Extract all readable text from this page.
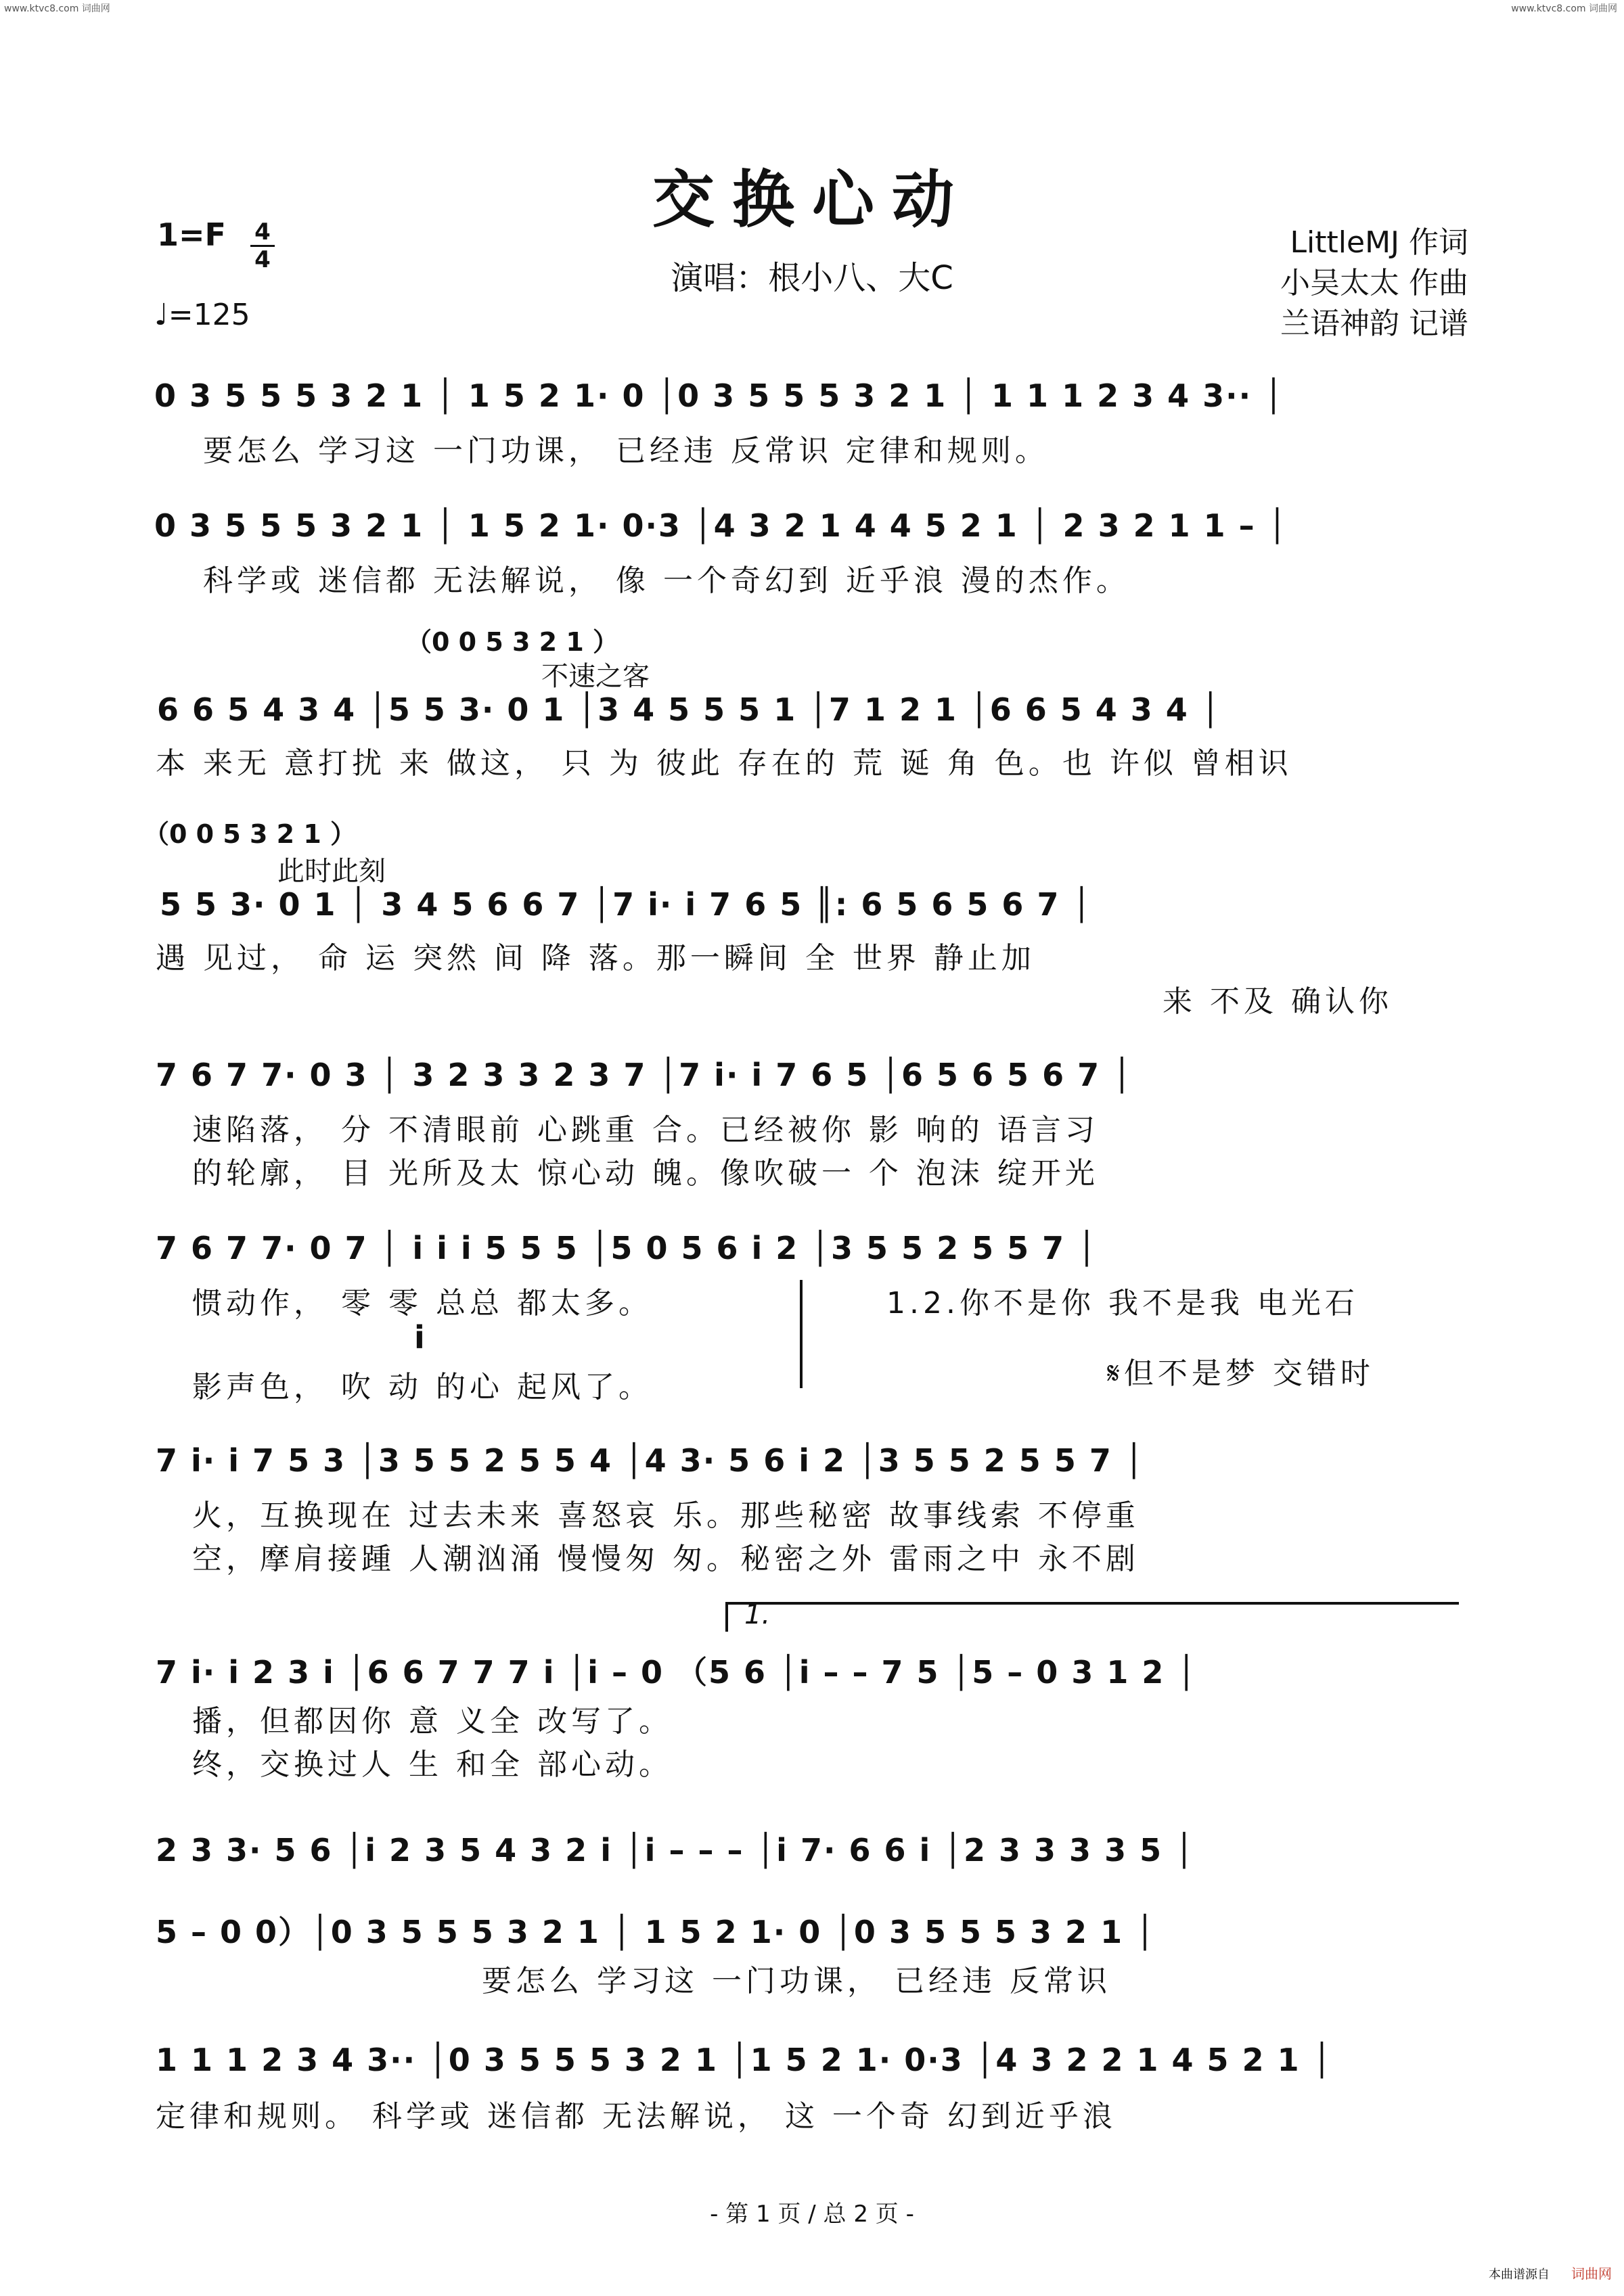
www.ktvc8.com 词曲网	www.ktvc8.com 词曲网
交换心动
1=F 4
4
♩=125
演唱：根小八、大C
LittleMJ 作词
小吴太太 作曲
兰语神韵 记谱
0 3 5 5 5 3 2 1 │ 1 5 2 1· 0 │0 3 5 5 5 3 2 1 │ 1 1 1 2 3 4 3·· │
要怎么 学习这 一门功课， 已经违 反常识 定律和规则。
0 3 5 5 5 3 2 1 │ 1 5 2 1· 0·3 │4 3 2 1 4 4 5 2 1 │ 2 3 2 1 1 – │
科学或 迷信都 无法解说， 像 一个奇幻到 近乎浪 漫的杰作。
（0 0 5 3 2 1 ）
不速之客
6 6 5 4 3 4 │5 5 3· 0 1 │3 4 5 5 5 1 │7 1 2 1 │6 6 5 4 3 4 │
本 来无 意打扰 来 做这， 只 为 彼此 存在的 荒 诞 角 色。也 许似 曾相识
（0 0 5 3 2 1 ）
此时此刻
5 5 3· 0 1 │ 3 4 5 6 6 7 │7 i· i 7 6 5 ║: 6 5 6 5 6 7 │
遇 见过， 命 运 突然 间 降 落。那一瞬间 全 世界 静止加
来 不及 确认你
7 6 7 7· 0 3 │ 3 2 3 3 2 3 7 │7 i· i 7 6 5 │6 5 6 5 6 7 │
速陷落， 分 不清眼前 心跳重 合。已经被你 影 响的 语言习
的轮廓， 目 光所及太 惊心动 魄。像吹破一 个 泡沫 绽开光
7 6 7 7· 0 7 │ i i i 5 5 5 │5 0 5 6 i 2 │3 5 5 2 5 5 7 │
惯动作， 零 零 总总 都太多。
i
影声色， 吹 动 的心 起风了。
1.2.你不是你 我不是我 电光石
𝄋但不是梦 交错时
7 i· i 7 5 3 │3 5 5 2 5 5 4 │4 3· 5 6 i 2 │3 5 5 2 5 5 7 │
火，互换现在 过去未来 喜怒哀 乐。那些秘密 故事线索 不停重
空，摩肩接踵 人潮汹涌 慢慢匆 匆。秘密之外 雷雨之中 永不剧
1.
7 i· i 2 3 i │6 6 7 7 7 i │i – 0 （5 6 │i – – 7 5 │5 – 0 3 1 2 │
播，但都因你 意 义全 改写了。
终，交换过人 生 和全 部心动。
2 3 3· 5 6 │i 2 3 5 4 3 2 i │i – – – │i 7· 6 6 i │2 3 3 3 3 5 │
5 – 0 0）│0 3 5 5 5 3 2 1 │ 1 5 2 1· 0 │0 3 5 5 5 3 2 1 │
要怎么 学习这 一门功课， 已经违 反常识
1 1 1 2 3 4 3·· │0 3 5 5 5 3 2 1 │1 5 2 1· 0·3 │4 3 2 2 1 4 5 2 1 │
定律和规则。 科学或 迷信都 无法解说， 这 一个奇 幻到近乎浪
- 第 1 页 / 总 2 页 -
本曲谱源自 词曲网
